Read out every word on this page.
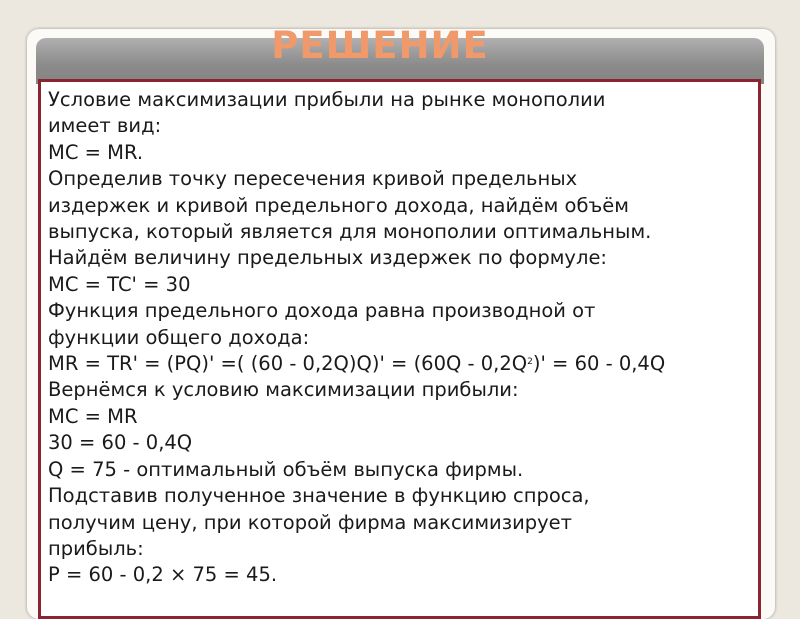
РЕШЕНИЕ
Условие максимизации прибыли на рынке монополии
имеет вид:
MC = MR.
Определив точку пересечения кривой предельных
издержек и кривой предельного дохода, найдём объём
выпуска, который является для монополии оптимальным.
Найдём величину предельных издержек по формуле:
MC = TC' = 30
Функция предельного дохода равна производной от
функции общего дохода:
MR = TR' = (PQ)' =( $(60 - 0,2Q)Q)' = (60Q - 0,2Q^2)' = 60 - 0,4Q$
Вернёмся к условию максимизации прибыли:
MC = MR
30 = 60 - 0,4Q
Q = 75 - оптимальный объём выпуска фирмы.
Подставив полученное значение в функцию спроса,
получим цену, при которой фирма максимизирует
прибыль:
P = 60 - 0,2 × 75 = 45.
